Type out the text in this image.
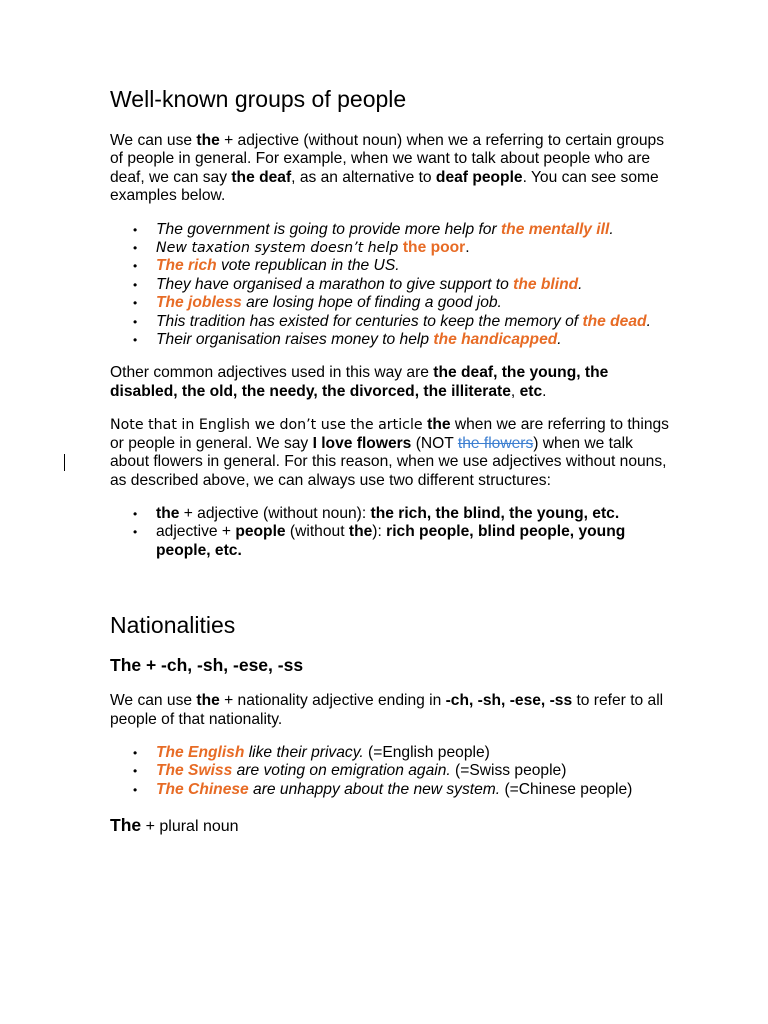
Well-known groups of people

We can use the + adjective (without noun) when we a referring to certain groups of people in general. For example, when we want to talk about people who are deaf, we can say the deaf, as an alternative to deaf people. You can see some examples below.

• The government is going to provide more help for the mentally ill.
• New taxation system doesn’t help the poor.
• The rich vote republican in the US.
• They have organised a marathon to give support to the blind.
• The jobless are losing hope of finding a good job.
• This tradition has existed for centuries to keep the memory of the dead.
• Their organisation raises money to help the handicapped.

Other common adjectives used in this way are the deaf, the young, the disabled, the old, the needy, the divorced, the illiterate, etc.

Note that in English we don’t use the article the when we are referring to things or people in general. We say I love flowers (NOT the flowers) when we talk about flowers in general. For this reason, when we use adjectives without nouns, as described above, we can always use two different structures:

• the + adjective (without noun): the rich, the blind, the young, etc.
• adjective + people (without the): rich people, blind people, young people, etc.
Nationalities
The + -ch, -sh, -ese, -ss

We can use the + nationality adjective ending in -ch, -sh, -ese, -ss to refer to all people of that nationality.

• The English like their privacy. (=English people)
• The Swiss are voting on emigration again. (=Swiss people)
• The Chinese are unhappy about the new system. (=Chinese people)
The + plural noun
